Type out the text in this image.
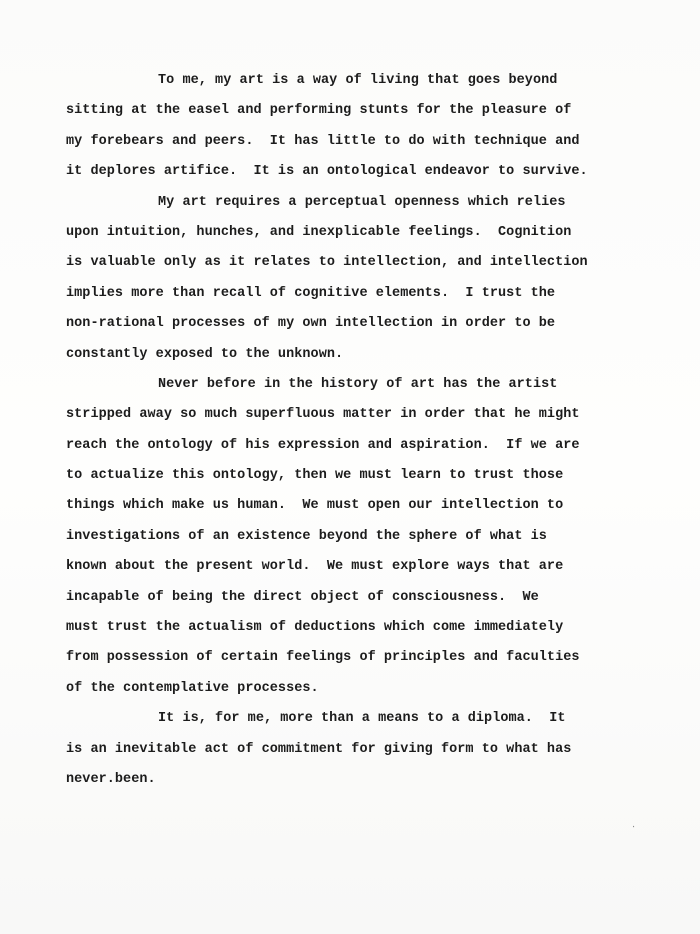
To me, my art is a way of living that goes beyond
sitting at the easel and performing stunts for the pleasure of
my forebears and peers.  It has little to do with technique and
it deplores artifice.  It is an ontological endeavor to survive.
My art requires a perceptual openness which relies
upon intuition, hunches, and inexplicable feelings.  Cognition
is valuable only as it relates to intellection, and intellection
implies more than recall of cognitive elements.  I trust the
non-rational processes of my own intellection in order to be
constantly exposed to the unknown.
Never before in the history of art has the artist
stripped away so much superfluous matter in order that he might
reach the ontology of his expression and aspiration.  If we are
to actualize this ontology, then we must learn to trust those
things which make us human.  We must open our intellection to
investigations of an existence beyond the sphere of what is
known about the present world.  We must explore ways that are
incapable of being the direct object of consciousness.  We
must trust the actualism of deductions which come immediately
from possession of certain feelings of principles and faculties
of the contemplative processes.
It is, for me, more than a means to a diploma.  It
is an inevitable act of commitment for giving form to what has
never.been.
⋅
